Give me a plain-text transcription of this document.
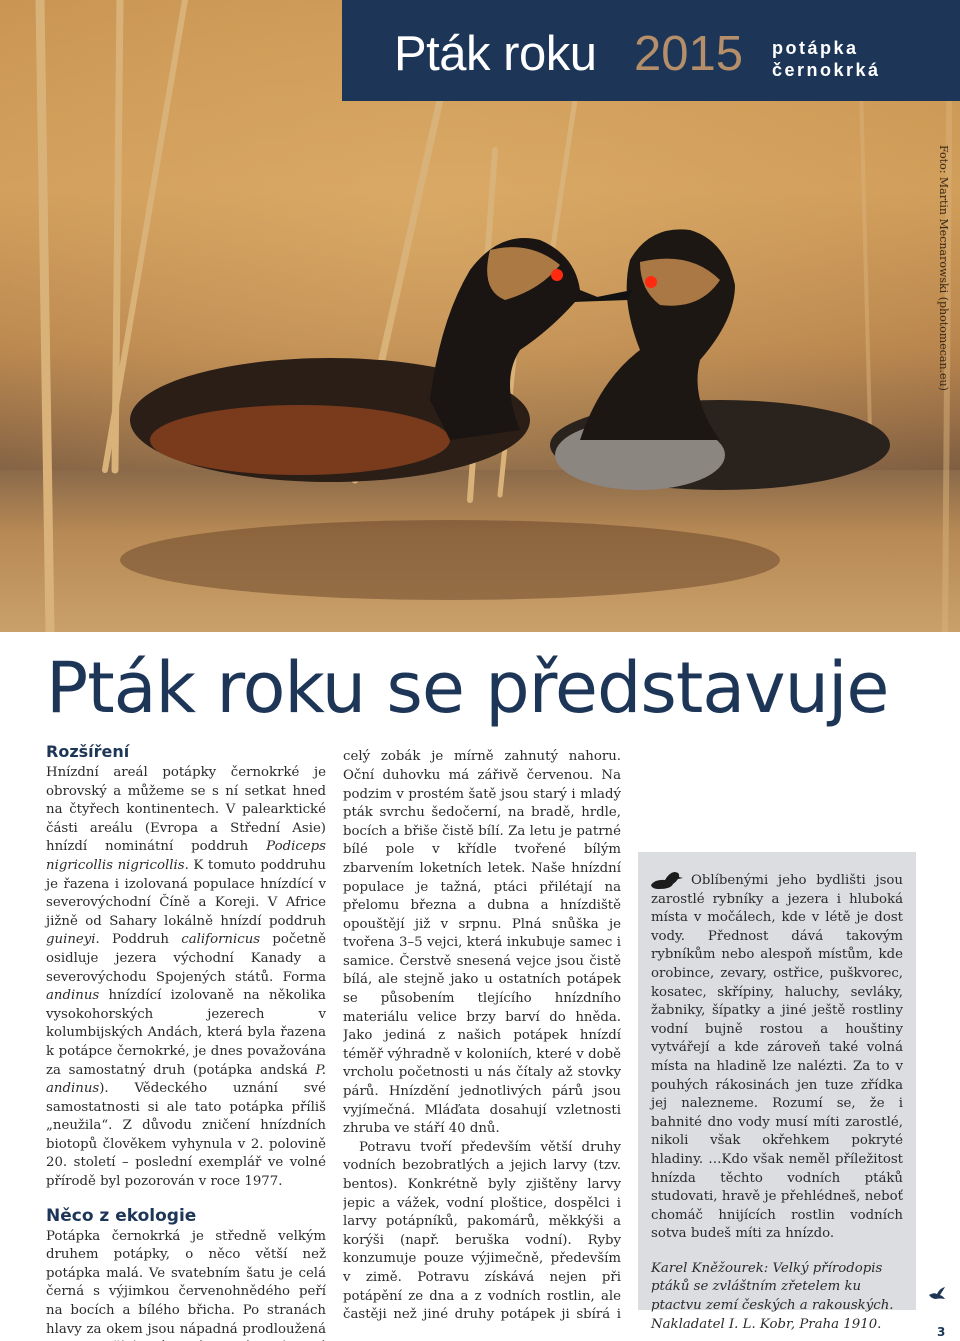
Foto: Martin Mecnarowski (photomecan.eu)
Pták roku 2015 potápka
černokrká
Pták roku se představuje
Rozšíření
Hnízdní areál potápky černokrké je obrovský a můžeme se s ní setkat hned na čtyřech kontinentech. V palearktické části areálu (Evropa a Střední Asie) hnízdí nominátní poddruh Podiceps nigricollis nigricollis. K tomuto poddruhu je řazena i izolovaná populace hnízdící v severovýchodní Číně a Koreji. V Africe jižně od Sahary lokálně hnízdí poddruh guineyi. Poddruh californicus početně osidluje jezera východní Kanady a severovýchodu Spojených států. Forma andinus hnízdící izolovaně na několika vysokohorských jezerech v kolumbijských Andách, která byla řazena k potápce černokrké, je dnes považována za samostatný druh (potápka andská P. andinus). Vědeckého uznání své samostatnosti si ale tato potápka příliš „neužila“. Z důvodu zničení hnízdních biotopů člověkem vyhynula v 2. polovině 20. století – poslední exemplář ve volné přírodě byl pozorován v roce 1977.
Něco z ekologie
Potápka černokrká je středně velkým druhem potápky, o něco větší než potápka malá. Ve svatebním šatu je celá černá s výjimkou červenohnědého peří na bocích a bílého břicha. Po stranách hlavy za okem jsou nápadná prodloužená
celý zobák je mírně zahnutý nahoru. Oční duhovku má zářivě červenou. Na podzim v prostém šatě jsou starý i mladý pták svrchu šedočerní, na bradě, hrdle, bocích a břiše čistě bílí. Za letu je patrné bílé pole v křídle tvořené bílým zbarvením loketních letek. Naše hnízdní populace je tažná, ptáci přilétají na přelomu března a dubna a hnízdiště opouštějí již v srpnu. Plná snůška je tvořena 3–5 vejci, která inkubuje samec i samice. Čerstvě snesená vejce jsou čistě bílá, ale stejně jako u ostatních potápek se působením tlejícího hnízdního materiálu velice brzy barví do hněda. Jako jediná z našich potápek hnízdí téměř výhradně v koloniích, které v době vrcholu početnosti u nás čítaly až stovky párů. Hnízdění jednotlivých párů jsou vyjímečná. Mláďata dosahují vzletnosti zhruba ve stáří 40 dnů.
Potravu tvoří především větší druhy vodních bezobratlých a jejich larvy (tzv. bentos). Konkrétně byly zjištěny larvy jepic a vážek, vodní ploštice, dospělci i larvy potápníků, pakomárů, měkkýši a korýši (např. beruška vodní). Ryby konzumuje pouze výjimečně, především v zimě. Potravu získává nejen při potápění ze dna a z vodních rostlin, ale častěji než jiné druhy potápek ji sbírá i
Oblíbenými jeho bydlišti jsou zarostlé rybníky a jezera i hluboká místa v močálech, kde v létě je dost vody. Přednost dává takovým rybníkům nebo alespoň místům, kde orobince, zevary, ostřice, puškvorec, kosatec, skřípiny, haluchy, sevláky, žabniky, šípatky a jiné ještě rostliny vodní bujně rostou a houštiny vytvářejí a kde zároveň také volná místa na hladině lze nalézti. Za to v pouhých rákosinách jen tuze zřídka jej nalezneme. Rozumí se, že i bahnité dno vody musí míti zarostlé, nikoli však okřehkem pokryté hladiny. …Kdo však neměl příležitost hnízda těchto vodních ptáků studovati, hravě je přehlédneš, neboť chomáč hnijících rostlin vodních sotva budeš míti za hnízdo.
Karel Kněžourek: Velký přírodopis ptáků se zvláštním zřetelem ku ptactvu zemí českých a rakouských. Nakladatel I. L. Kobr, Praha 1910.
3
